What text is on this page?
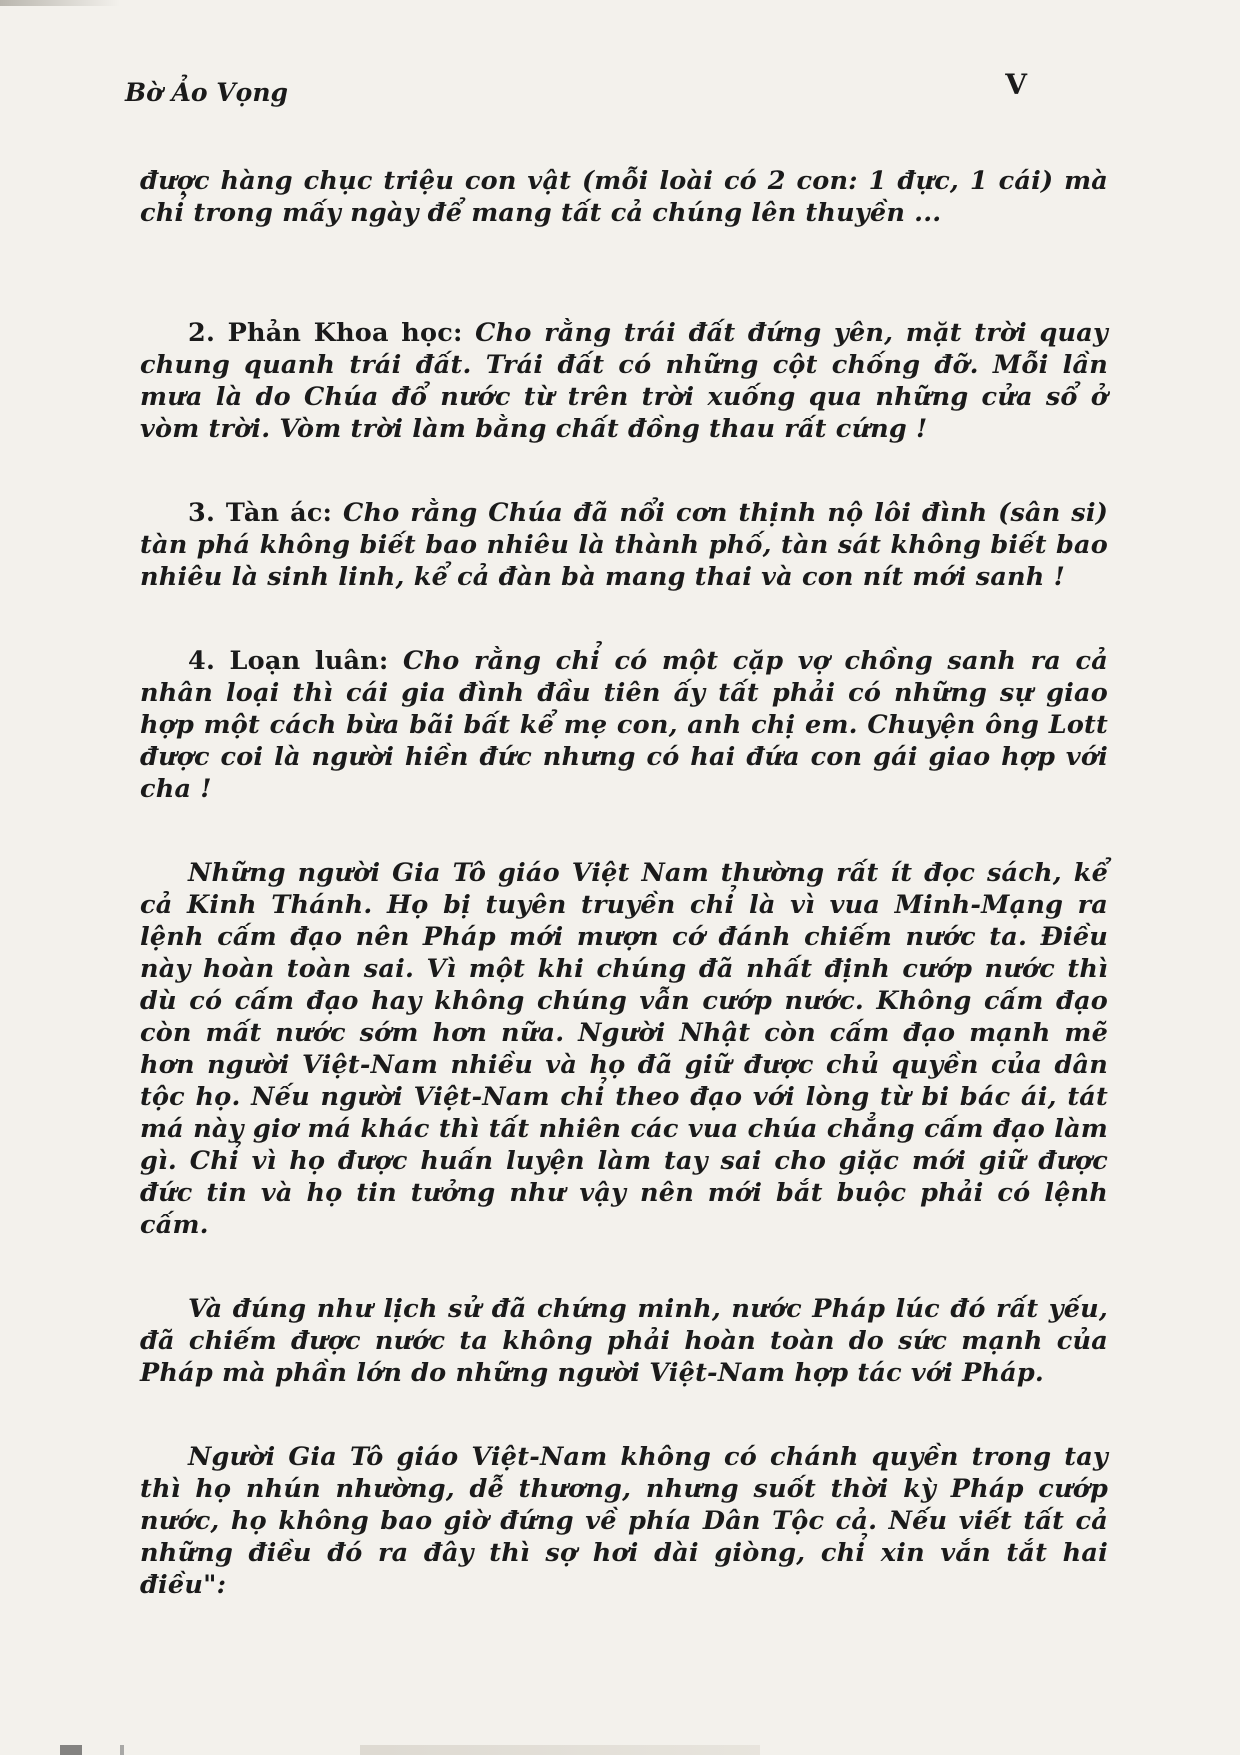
Bờ Ảo Vọng	V

được hàng chục triệu con vật (mỗi loài có 2 con: 1 đực, 1 cái) mà chỉ trong mấy ngày để mang tất cả chúng lên thuyền ...

2. Phản Khoa học: Cho rằng trái đất đứng yên, mặt trời quay chung quanh trái đất. Trái đất có những cột chống đỡ. Mỗi lần mưa là do Chúa đổ nước từ trên trời xuống qua những cửa sổ ở vòm trời. Vòm trời làm bằng chất đồng thau rất cứng !

3. Tàn ác: Cho rằng Chúa đã nổi cơn thịnh nộ lôi đình (sân si) tàn phá không biết bao nhiêu là thành phố, tàn sát không biết bao nhiêu là sinh linh, kể cả đàn bà mang thai và con nít mới sanh !

4. Loạn luân: Cho rằng chỉ có một cặp vợ chồng sanh ra cả nhân loại thì cái gia đình đầu tiên ấy tất phải có những sự giao hợp một cách bừa bãi bất kể mẹ con, anh chị em. Chuyện ông Lott được coi là người hiền đức nhưng có hai đứa con gái giao hợp với cha !

Những người Gia Tô giáo Việt Nam thường rất ít đọc sách, kể cả Kinh Thánh. Họ bị tuyên truyền chỉ là vì vua Minh-Mạng ra lệnh cấm đạo nên Pháp mới mượn cớ đánh chiếm nước ta. Điều này hoàn toàn sai. Vì một khi chúng đã nhất định cướp nước thì dù có cấm đạo hay không chúng vẫn cướp nước. Không cấm đạo còn mất nước sớm hơn nữa. Người Nhật còn cấm đạo mạnh mẽ hơn người Việt-Nam nhiều và họ đã giữ được chủ quyền của dân tộc họ. Nếu người Việt-Nam chỉ theo đạo với lòng từ bi bác ái, tát má này giơ má khác thì tất nhiên các vua chúa chẳng cấm đạo làm gì. Chỉ vì họ được huấn luyện làm tay sai cho giặc mới giữ được đức tin và họ tin tưởng như vậy nên mới bắt buộc phải có lệnh cấm.

Và đúng như lịch sử đã chứng minh, nước Pháp lúc đó rất yếu, đã chiếm được nước ta không phải hoàn toàn do sức mạnh của Pháp mà phần lớn do những người Việt-Nam hợp tác với Pháp.

Người Gia Tô giáo Việt-Nam không có chánh quyền trong tay thì họ nhún nhường, dễ thương, nhưng suốt thời kỳ Pháp cướp nước, họ không bao giờ đứng về phía Dân Tộc cả. Nếu viết tất cả những điều đó ra đây thì sợ hơi dài giòng, chỉ xin vắn tắt hai điều":
